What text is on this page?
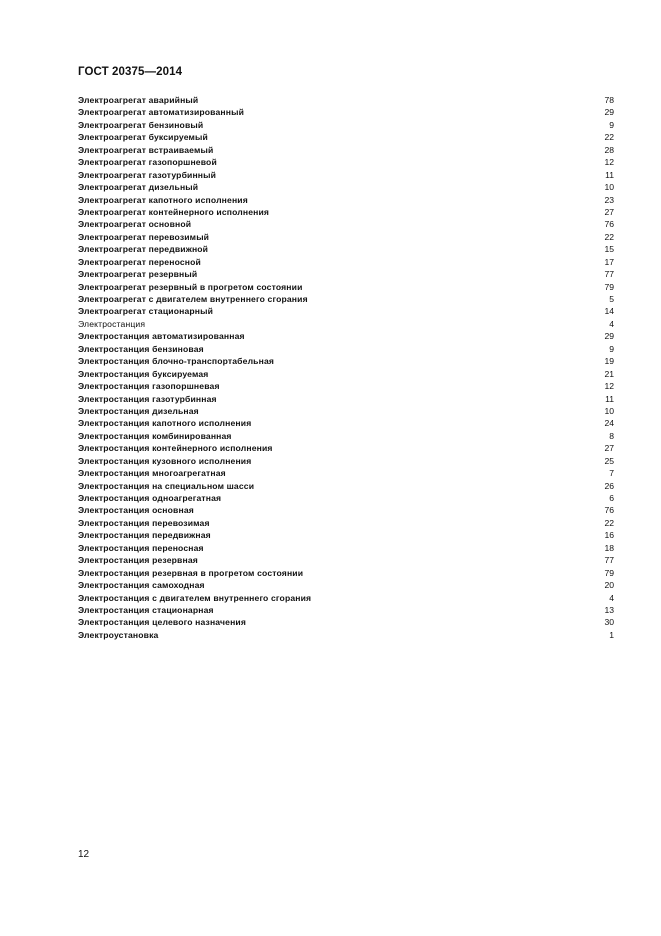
ГОСТ 20375—2014
Электроагрегат аварийный	78
Электроагрегат автоматизированный	29
Электроагрегат бензиновый	9
Электроагрегат буксируемый	22
Электроагрегат встраиваемый	28
Электроагрегат газопоршневой	12
Электроагрегат газотурбинный	11
Электроагрегат дизельный	10
Электроагрегат капотного исполнения	23
Электроагрегат контейнерного исполнения	27
Электроагрегат основной	76
Электроагрегат перевозимый	22
Электроагрегат передвижной	15
Электроагрегат переносной	17
Электроагрегат резервный	77
Электроагрегат резервный в прогретом состоянии	79
Электроагрегат с двигателем внутреннего сгорания	5
Электроагрегат стационарный	14
Электростанция	4
Электростанция автоматизированная	29
Электростанция бензиновая	9
Электростанция блочно-транспортабельная	19
Электростанция буксируемая	21
Электростанция газопоршневая	12
Электростанция газотурбинная	11
Электростанция дизельная	10
Электростанция капотного исполнения	24
Электростанция комбинированная	8
Электростанция контейнерного исполнения	27
Электростанция кузовного исполнения	25
Электростанция многоагрегатная	7
Электростанция на специальном шасси	26
Электростанция одноагрегатная	6
Электростанция основная	76
Электростанция перевозимая	22
Электростанция передвижная	16
Электростанция переносная	18
Электростанция резервная	77
Электростанция резервная в прогретом состоянии	79
Электростанция самоходная	20
Электростанция с двигателем внутреннего сгорания	4
Электростанция стационарная	13
Электростанция целевого назначения	30
Электроустановка	1
12
